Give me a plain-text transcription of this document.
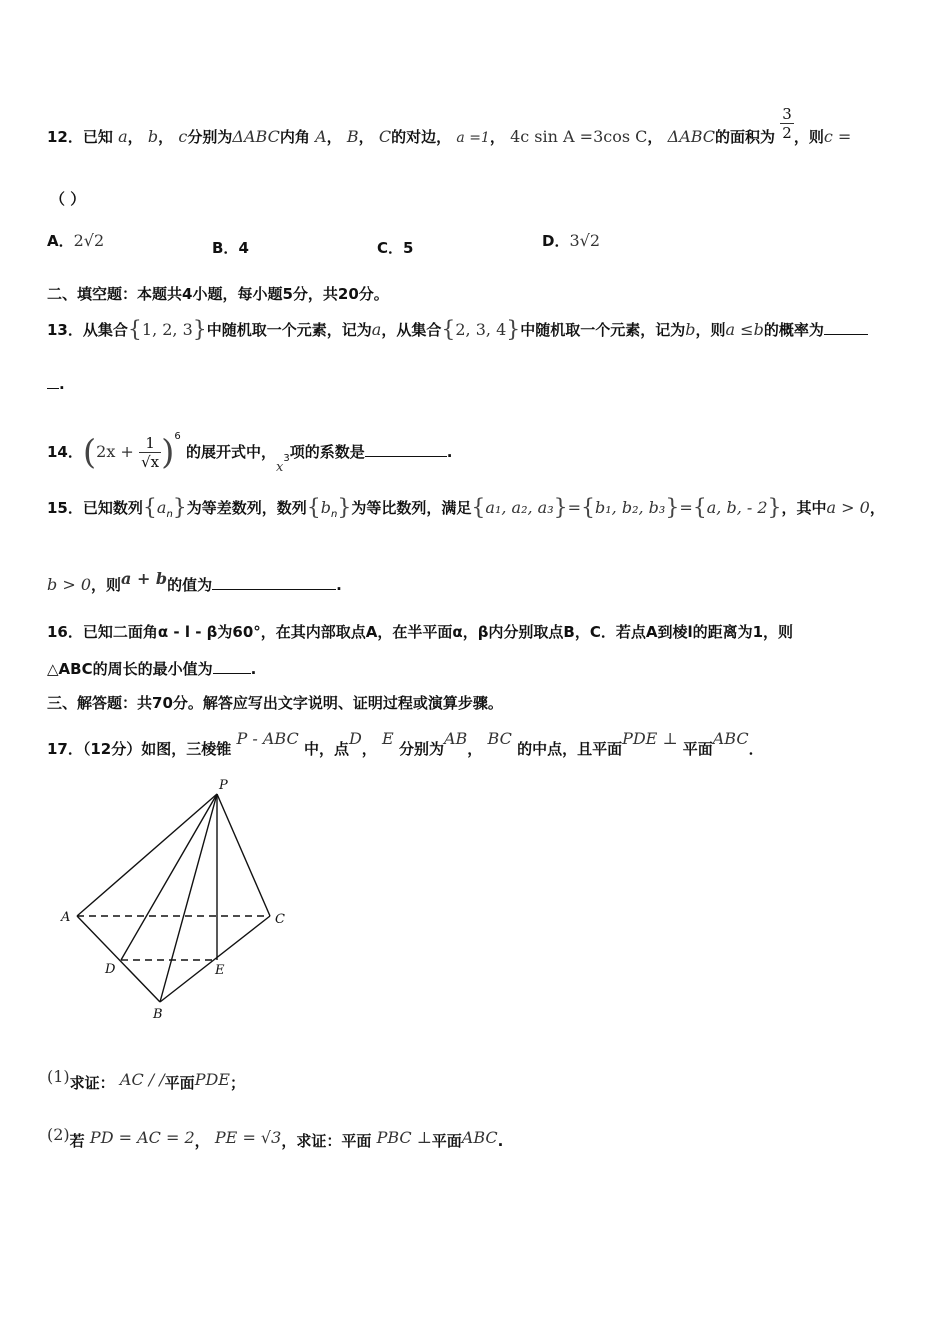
12．已知 a， b， c分别为ΔABC内角 A， B， C的对边， a =1， 4c sin A =3cos C， ΔABC的面积为 $\frac{3}{2}$ ，则c =
（ ）
A．2√2	B．4	C．5	D．3√2
二、填空题：本题共4小题，每小题5分，共20分。
13．从集合{1, 2, 3}中随机取一个元素，记为a，从集合{2, 3, 4}中随机取一个元素，记为b，则a ≤b的概率为
.
14．$(2x + \frac{1}{√x} )^6$ 的展开式中，$x_3$项的系数是	.
15．已知数列$\{a_n\}$为等差数列，数列$\{b_n\}$为等比数列，满足{a₁, a₂, a₃}={b₁, b₂, b₃}={a, b, - 2}，其中a > 0，
b > 0，则a + b的值为	.
16．已知二面角α - l - β为60°，在其内部取点A，在半平面α，β内分别取点B，C．若点A到棱l的距离为1，则
△ABC的周长的最小值为	.
三、解答题：共70分。解答应写出文字说明、证明过程或演算步骤。
17．（12分）如图，三棱锥 P - ABC 中，点D， E 分别为AB， BC 的中点，且平面PDE ⊥ 平面ABC．
P
A	C
D	E
B
(1)求证： AC / /平面PDE；
(2)若 PD = AC = 2， PE = √3，求证：平面 PBC ⊥平面ABC.
